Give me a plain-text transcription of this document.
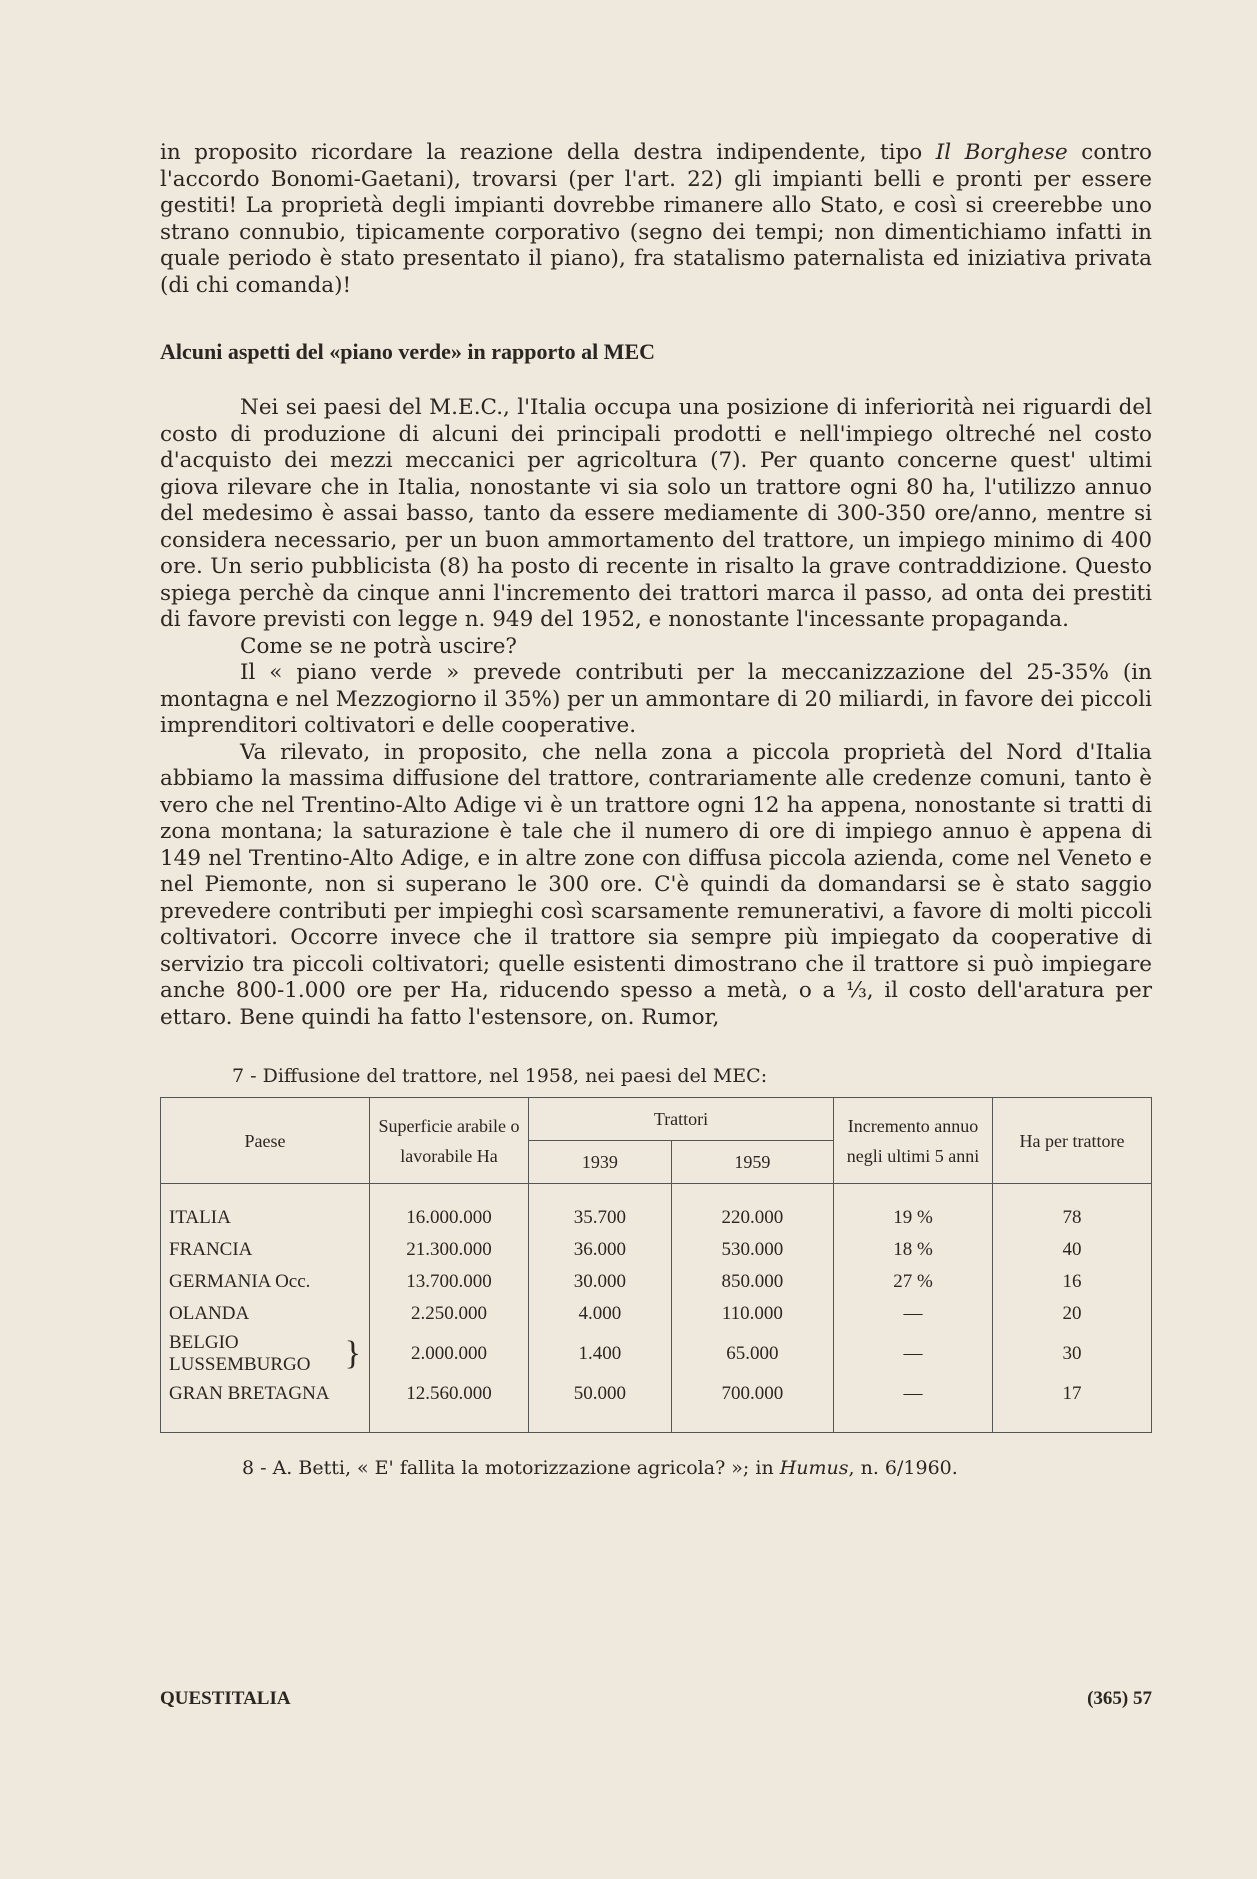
in proposito ricordare la reazione della destra indipendente, tipo Il Borghese contro l'accordo Bonomi-Gaetani), trovarsi (per l'art. 22) gli impianti belli e pronti per essere gestiti! La proprietà degli impianti dovrebbe rimanere allo Stato, e così si creerebbe uno strano connubio, tipicamente corporativo (segno dei tempi; non dimentichiamo infatti in quale periodo è stato presentato il piano), fra statalismo paternalista ed iniziativa privata (di chi comanda)!

Alcuni aspetti del «piano verde» in rapporto al MEC

Nei sei paesi del M.E.C., l'Italia occupa una posizione di inferiorità nei riguardi del costo di produzione di alcuni dei principali prodotti e nell'impiego oltreché nel costo d'acquisto dei mezzi meccanici per agricoltura (7). Per quanto concerne quest' ultimi giova rilevare che in Italia, nonostante vi sia solo un trattore ogni 80 ha, l'utilizzo annuo del medesimo è assai basso, tanto da essere mediamente di 300-350 ore/anno, mentre si considera necessario, per un buon ammortamento del trattore, un impiego minimo di 400 ore. Un serio pubblicista (8) ha posto di recente in risalto la grave contraddizione. Questo spiega perchè da cinque anni l'incremento dei trattori marca il passo, ad onta dei prestiti di favore previsti con legge n. 949 del 1952, e nonostante l'incessante propaganda.

Come se ne potrà uscire?

Il « piano verde » prevede contributi per la meccanizzazione del 25-35% (in montagna e nel Mezzogiorno il 35%) per un ammontare di 20 miliardi, in favore dei piccoli imprenditori coltivatori e delle cooperative.

Va rilevato, in proposito, che nella zona a piccola proprietà del Nord d'Italia abbiamo la massima diffusione del trattore, contrariamente alle credenze comuni, tanto è vero che nel Trentino-Alto Adige vi è un trattore ogni 12 ha appena, nonostante si tratti di zona montana; la saturazione è tale che il numero di ore di impiego annuo è appena di 149 nel Trentino-Alto Adige, e in altre zone con diffusa piccola azienda, come nel Veneto e nel Piemonte, non si superano le 300 ore. C'è quindi da domandarsi se è stato saggio prevedere contributi per impieghi così scarsamente remunerativi, a favore di molti piccoli coltivatori. Occorre invece che il trattore sia sempre più impiegato da cooperative di servizio tra piccoli coltivatori; quelle esistenti dimostrano che il trattore si può impiegare anche 800-1.000 ore per Ha, riducendo spesso a metà, o a ⅓, il costo dell'aratura per ettaro. Bene quindi ha fatto l'estensore, on. Rumor,

7 - Diffusione del trattore, nel 1958, nei paesi del MEC:
Paese	Superficie arabile o lavorabile Ha	Trattori		Incremento annuo negli ultimi 5 anni	Ha per trattore
		1939	1959		
ITALIA	16.000.000	35.700	220.000	19 %	78
FRANCIA	21.300.000	36.000	530.000	18 %	40
GERMANIA Occ.	13.700.000	30.000	850.000	27 %	16
OLANDA	2.250.000	4.000	110.000	—	20

BELGIO
LUSSEMBURGO }	2.000.000	1.400	65.000	—	30
GRAN BRETAGNA	12.560.000	50.000	700.000	—	17
8 - A. Betti, « E' fallita la motorizzazione agricola? »; in Humus, n. 6/1960.
QUESTITALIA	(365) 57
